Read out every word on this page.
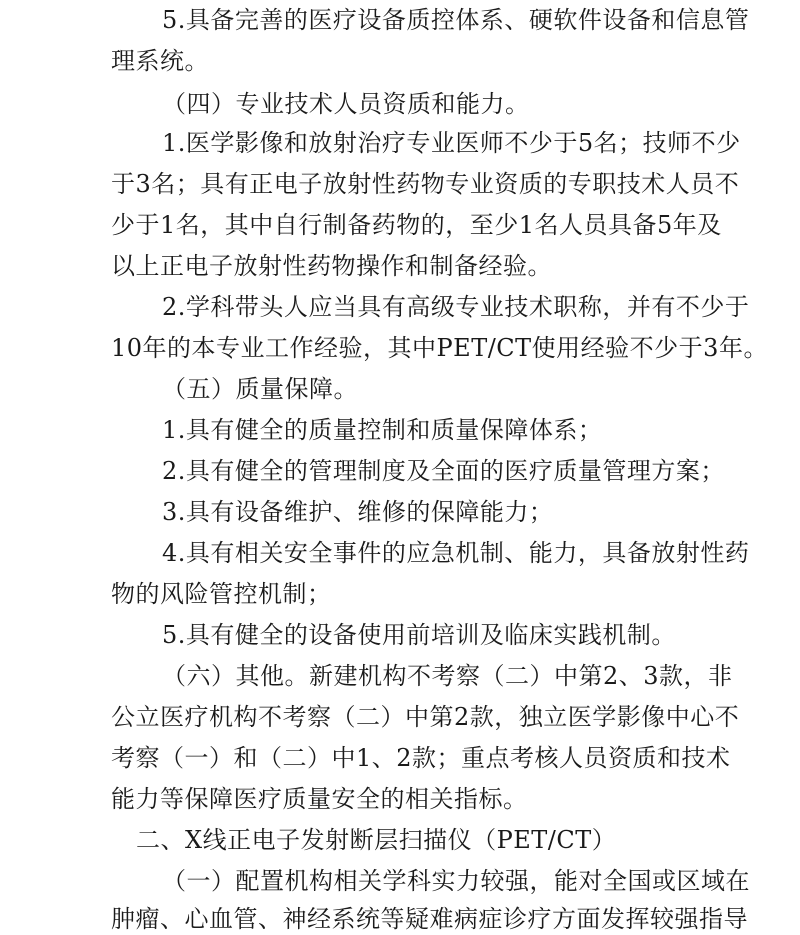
5.具备完善的医疗设备质控体系、硬软件设备和信息管
理系统。
（四）专业技术人员资质和能力。
1.医学影像和放射治疗专业医师不少于5名；技师不少
于3名；具有正电子放射性药物专业资质的专职技术人员不
少于1名，其中自行制备药物的，至少1名人员具备5年及
以上正电子放射性药物操作和制备经验。
2.学科带头人应当具有高级专业技术职称，并有不少于
10年的本专业工作经验，其中PET/CT使用经验不少于3年。
（五）质量保障。
1.具有健全的质量控制和质量保障体系；
2.具有健全的管理制度及全面的医疗质量管理方案；
3.具有设备维护、维修的保障能力；
4.具有相关安全事件的应急机制、能力，具备放射性药
物的风险管控机制；
5.具有健全的设备使用前培训及临床实践机制。
（六）其他。新建机构不考察（二）中第2、3款，非
公立医疗机构不考察（二）中第2款，独立医学影像中心不
考察（一）和（二）中1、2款；重点考核人员资质和技术
能力等保障医疗质量安全的相关指标。
二、X线正电子发射断层扫描仪（PET/CT）
（一）配置机构相关学科实力较强，能对全国或区域在
肿瘤、心血管、神经系统等疑难病症诊疗方面发挥较强指导
